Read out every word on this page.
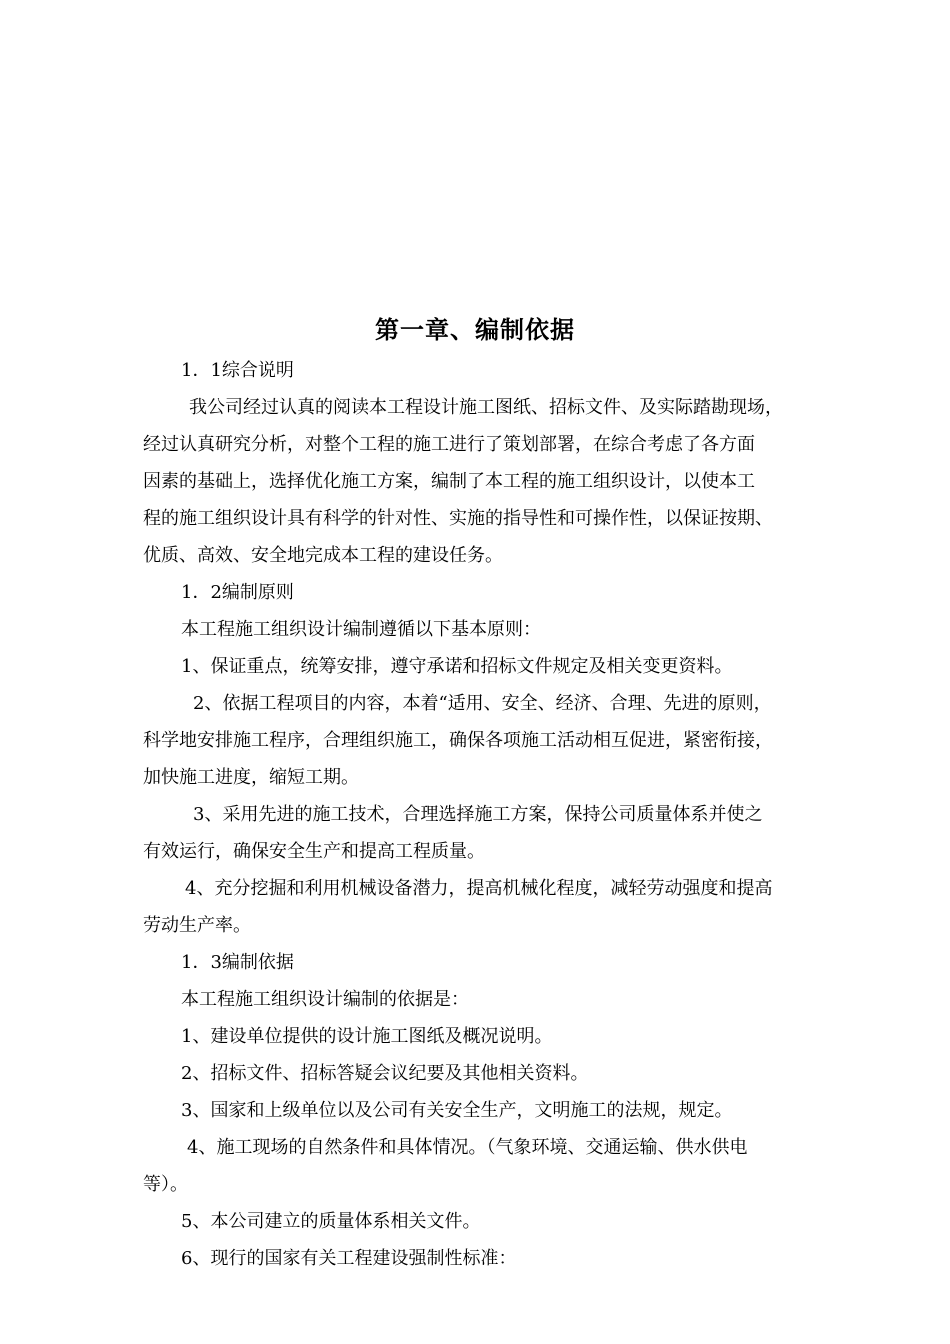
第一章、编制依据
1．1综合说明
我公司经过认真的阅读本工程设计施工图纸、招标文件、及实际踏勘现场，
经过认真研究分析，对整个工程的施工进行了策划部署，在综合考虑了各方面
因素的基础上，选择优化施工方案，编制了本工程的施工组织设计，以使本工
程的施工组织设计具有科学的针对性、实施的指导性和可操作性，以保证按期、
优质、高效、安全地完成本工程的建设任务。
1．2编制原则
本工程施工组织设计编制遵循以下基本原则：
1、保证重点，统筹安排，遵守承诺和招标文件规定及相关变更资料。
2、依据工程项目的内容，本着“适用、安全、经济、合理、先进的原则，
科学地安排施工程序，合理组织施工，确保各项施工活动相互促进，紧密衔接，
加快施工进度，缩短工期。
3、采用先进的施工技术，合理选择施工方案，保持公司质量体系并使之
有效运行，确保安全生产和提高工程质量。
4、充分挖掘和利用机械设备潜力，提高机械化程度，减轻劳动强度和提高
劳动生产率。
1．3编制依据
本工程施工组织设计编制的依据是：
1、建设单位提供的设计施工图纸及概况说明。
2、招标文件、招标答疑会议纪要及其他相关资料。
3、国家和上级单位以及公司有关安全生产，文明施工的法规，规定。
4、施工现场的自然条件和具体情况。（气象环境、交通运输、供水供电
等）。
5、本公司建立的质量体系相关文件。
6、现行的国家有关工程建设强制性标准：
